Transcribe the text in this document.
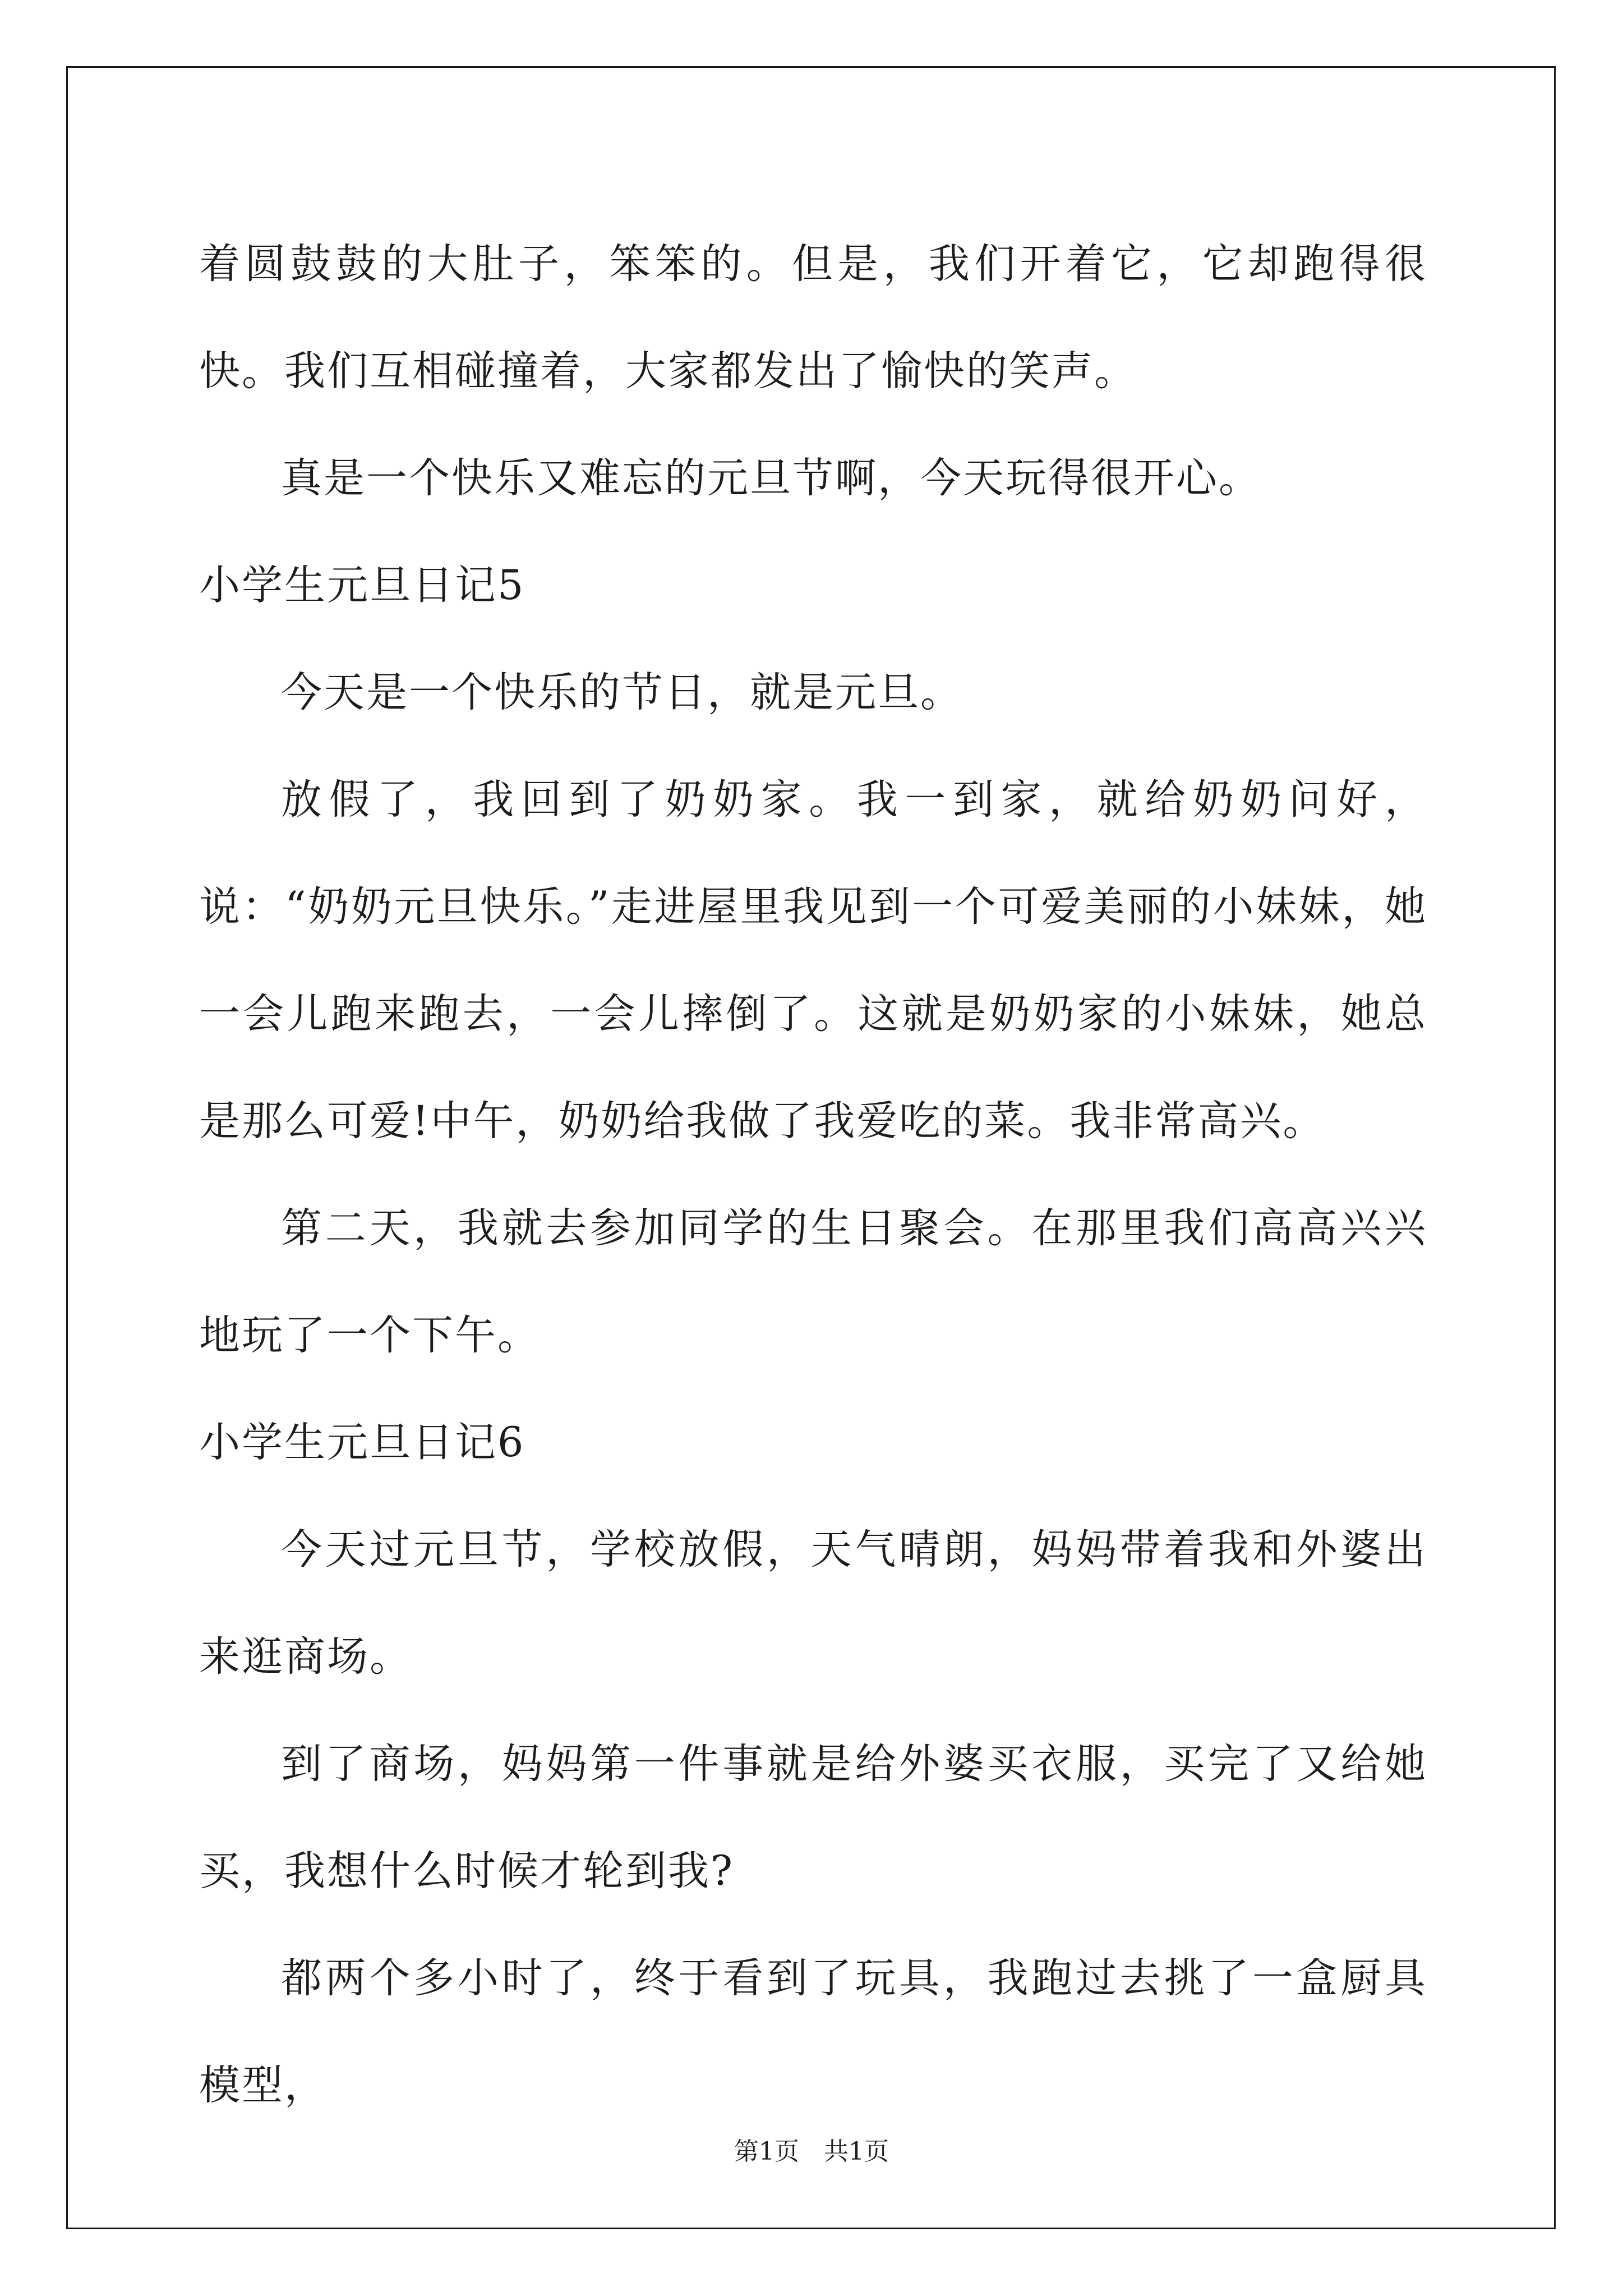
着圆鼓鼓的大肚子，笨笨的。但是，我们开着它，它却跑得很快。我们互相碰撞着，大家都发出了愉快的笑声。

真是一个快乐又难忘的元旦节啊，今天玩得很开心。

小学生元旦日记5

今天是一个快乐的节日，就是元旦。

放假了，我回到了奶奶家。我一到家，就给奶奶问好，说：“奶奶元旦快乐。”走进屋里我见到一个可爱美丽的小妹妹，她一会儿跑来跑去，一会儿摔倒了。这就是奶奶家的小妹妹，她总是那么可爱!中午，奶奶给我做了我爱吃的菜。我非常高兴。

第二天，我就去参加同学的生日聚会。在那里我们高高兴兴地玩了一个下午。

小学生元旦日记6

今天过元旦节，学校放假，天气晴朗，妈妈带着我和外婆出来逛商场。

到了商场，妈妈第一件事就是给外婆买衣服，买完了又给她买，我想什么时候才轮到我?

都两个多小时了，终于看到了玩具，我跑过去挑了一盒厨具模型，

第1页 共1页
